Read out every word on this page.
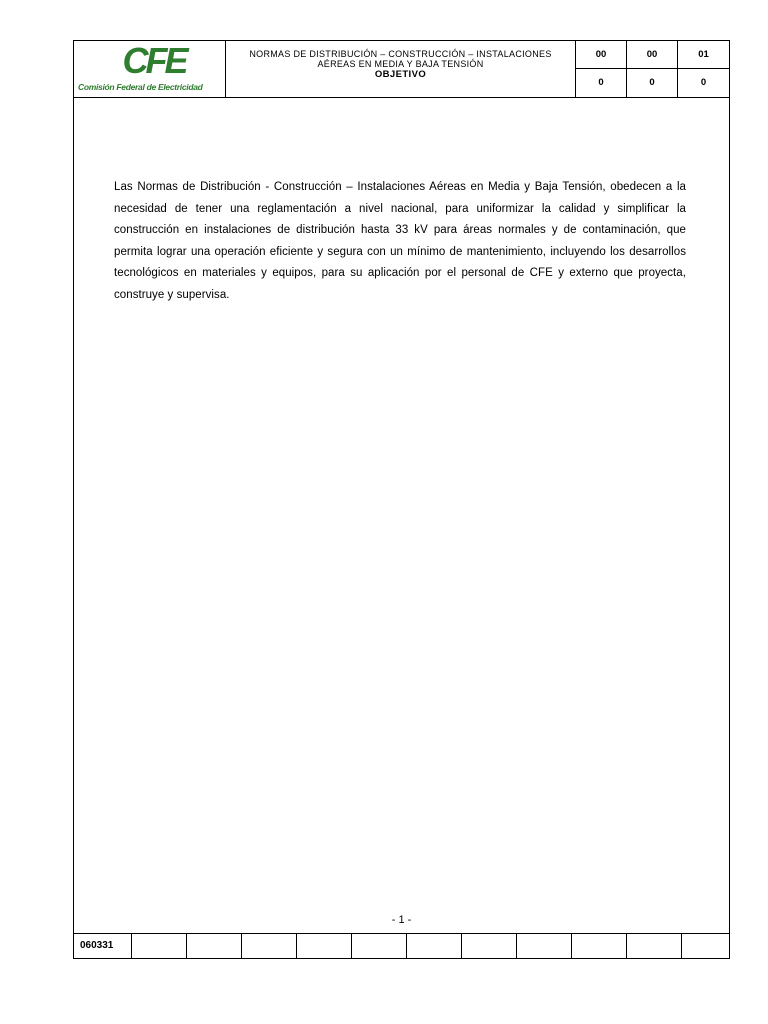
CFE
Comisión Federal de Electricidad
NORMAS DE DISTRIBUCIÓN – CONSTRUCCIÓN – INSTALACIONES
AÉREAS EN MEDIA Y BAJA TENSIÓN
OBJETIVO
00	00	01
0	0	0
Las Normas de Distribución - Construcción – Instalaciones Aéreas en Media y Baja Tensión, obedecen a la necesidad de tener una reglamentación a nivel nacional, para uniformizar la calidad y simplificar la construcción en instalaciones de distribución hasta 33 kV para áreas normales y de contaminación, que permita lograr una operación eficiente y segura con un mínimo de mantenimiento, incluyendo los desarrollos tecnológicos en materiales y equipos, para su aplicación por el personal de CFE y externo que proyecta, construye y supervisa.
- 1 -
060331
